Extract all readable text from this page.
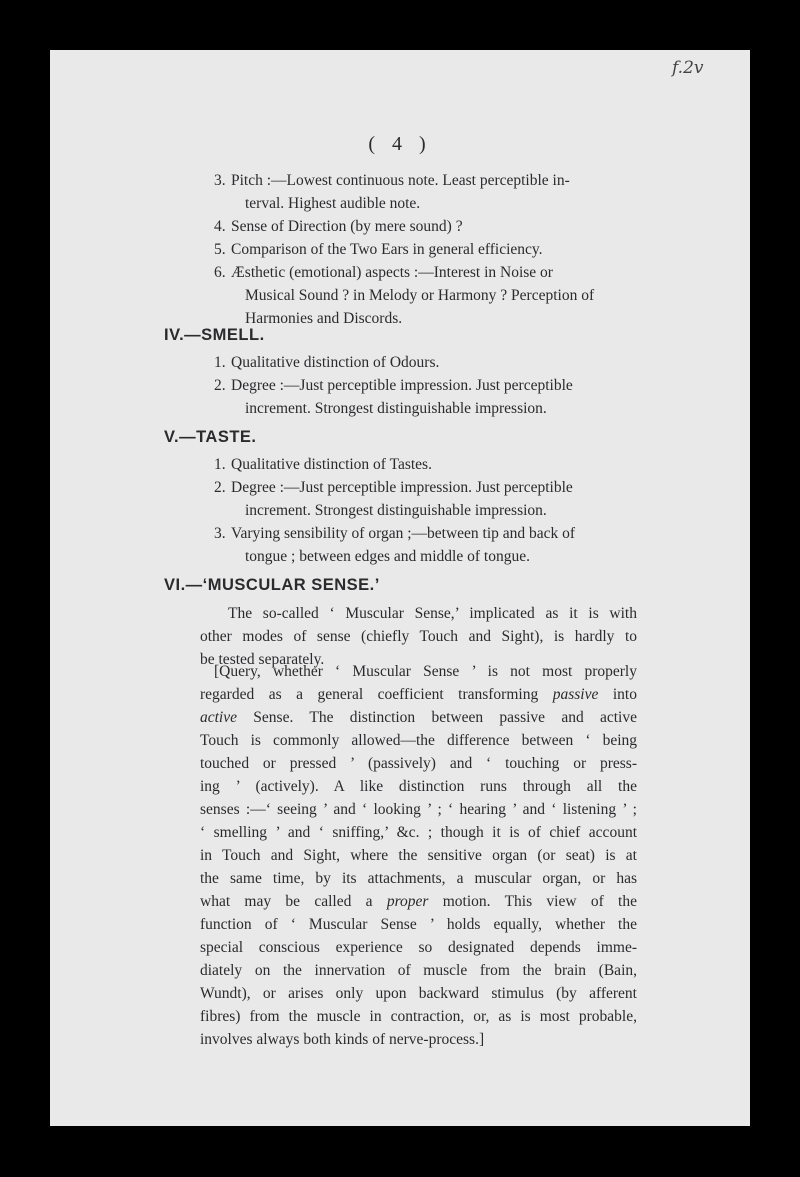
f.2v
( 4 )
3. Pitch :—Lowest continuous note. Least perceptible in-
terval. Highest audible note.
4. Sense of Direction (by mere sound) ?
5. Comparison of the Two Ears in general efficiency.
6. Æsthetic (emotional) aspects :—Interest in Noise or
Musical Sound ? in Melody or Harmony ? Perception of
Harmonies and Discords.
IV.—SMELL.
1. Qualitative distinction of Odours.
2. Degree :—Just perceptible impression. Just perceptible
increment. Strongest distinguishable impression.
V.—TASTE.
1. Qualitative distinction of Tastes.
2. Degree :—Just perceptible impression. Just perceptible
increment. Strongest distinguishable impression.
3. Varying sensibility of organ ;—between tip and back of
tongue ; between edges and middle of tongue.
VI.—‘MUSCULAR SENSE.’
The so-called ‘ Muscular Sense,’ implicated as it is with
other modes of sense (chiefly Touch and Sight), is hardly to
be tested separately.
[Query, whether ‘ Muscular Sense ’ is not most properly
regarded as a general coefficient transforming passive into
active Sense. The distinction between passive and active
Touch is commonly allowed—the difference between ‘ being
touched or pressed ’ (passively) and ‘ touching or press-
ing ’ (actively). A like distinction runs through all the
senses :—‘ seeing ’ and ‘ looking ’ ; ‘ hearing ’ and ‘ listening ’ ;
‘ smelling ’ and ‘ sniffing,’ &c. ; though it is of chief account
in Touch and Sight, where the sensitive organ (or seat) is at
the same time, by its attachments, a muscular organ, or has
what may be called a proper motion. This view of the
function of ‘ Muscular Sense ’ holds equally, whether the
special conscious experience so designated depends imme-
diately on the innervation of muscle from the brain (Bain,
Wundt), or arises only upon backward stimulus (by afferent
fibres) from the muscle in contraction, or, as is most probable,
involves always both kinds of nerve-process.]
